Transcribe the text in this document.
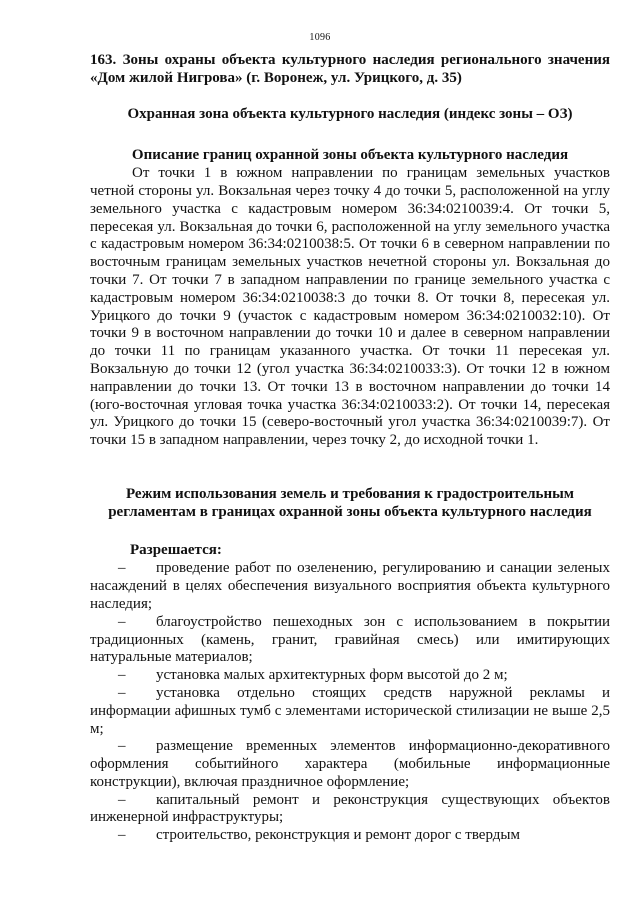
1096

163. Зоны охраны объекта культурного наследия регионального значения «Дом жилой Нигрова» (г. Воронеж, ул. Урицкого, д. 35)

Охранная зона объекта культурного наследия (индекс зоны – ОЗ)

Описание границ охранной зоны объекта культурного наследия

От точки 1 в южном направлении по границам земельных участков четной стороны ул. Вокзальная через точку 4 до точки 5, расположенной на углу земельного участка с кадастровым номером 36:34:0210039:4. От точки 5, пересекая ул. Вокзальная до точки 6, расположенной на углу земельного участка с кадастровым номером 36:34:0210038:5. От точки 6 в северном направлении по восточным границам земельных участков нечетной стороны ул. Вокзальная до точки 7. От точки 7 в западном направлении по границе земельного участка с кадастровым номером 36:34:0210038:3 до точки 8. От точки 8, пересекая ул. Урицкого до точки 9 (участок с кадастровым номером 36:34:0210032:10). От точки 9 в восточном направлении до точки 10 и далее в северном направлении до точки 11 по границам указанного участка. От точки 11 пересекая ул. Вокзальную до точки 12 (угол участка 36:34:0210033:3). От точки 12 в южном направлении до точки 13. От точки 13 в восточном направлении до точки 14 (юго-восточная угловая точка участка 36:34:0210033:2). От точки 14, пересекая ул. Урицкого до точки 15 (северо-восточный угол участка 36:34:0210039:7). От точки 15 в западном направлении, через точку 2, до исходной точки 1.

Режим использования земель и требования к градостроительным регламентам в границах охранной зоны объекта культурного наследия

Разрешается:

– проведение работ по озеленению, регулированию и санации зеленых насаждений в целях обеспечения визуального восприятия объекта культурного наследия;
– благоустройство пешеходных зон с использованием в покрытии традиционных (камень, гранит, гравийная смесь) или имитирующих натуральные материалов;
– установка малых архитектурных форм высотой до 2 м;
– установка отдельно стоящих средств наружной рекламы и информации афишных тумб с элементами исторической стилизации не выше 2,5 м;
– размещение временных элементов информационно-декоративного оформления событийного характера (мобильные информационные конструкции), включая праздничное оформление;
– капитальный ремонт и реконструкция существующих объектов инженерной инфраструктуры;
– строительство, реконструкция и ремонт дорог с твердым
